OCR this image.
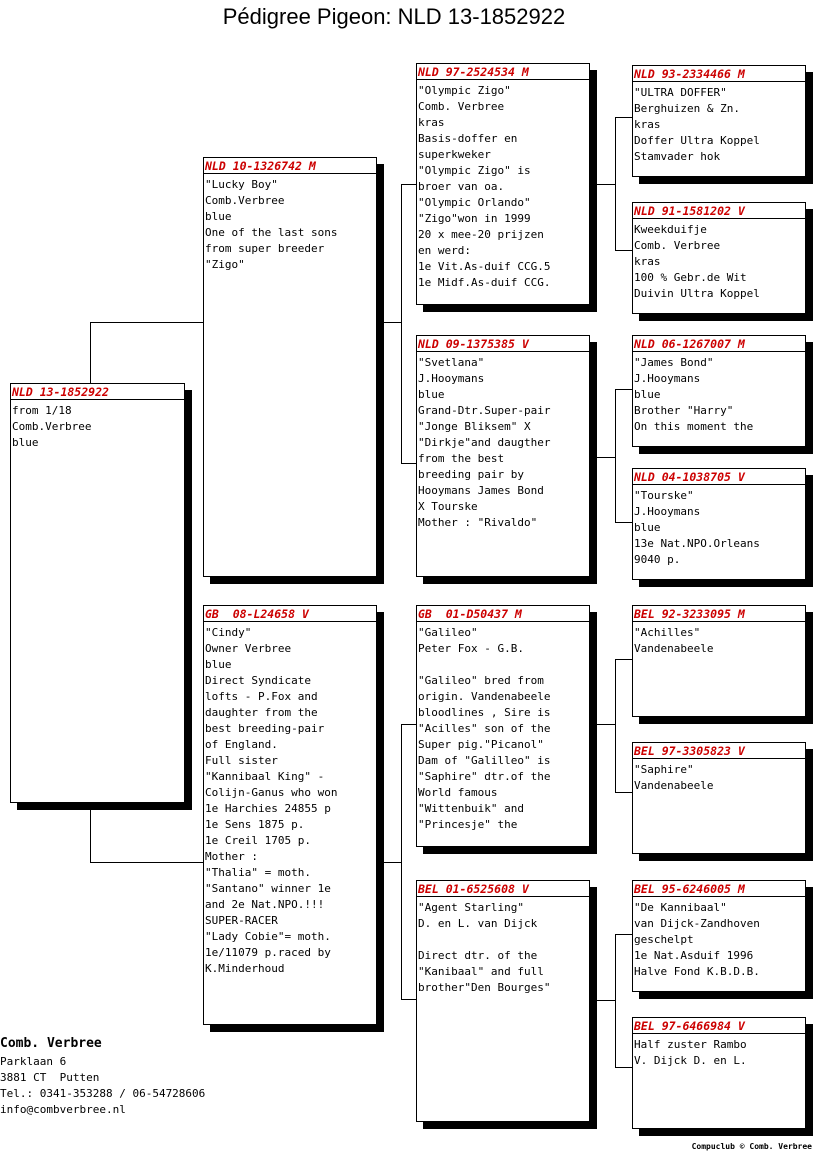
Pédigree Pigeon: NLD 13-1852922
NLD 13-1852922
from 1/18
Comb.Verbree
blue
NLD 10-1326742 M
"Lucky Boy"
Comb.Verbree
blue
One of the last sons
from super breeder
"Zigo"
GB  08-L24658 V
"Cindy"
Owner Verbree
blue
Direct Syndicate
lofts - P.Fox and
daughter from the
best breeding-pair
of England.
Full sister
"Kannibaal King" -
Colijn-Ganus who won
1e Harchies 24855 p
1e Sens 1875 p.
1e Creil 1705 p.
Mother :
"Thalia" = moth.
"Santano" winner 1e
and 2e Nat.NPO.!!!
SUPER-RACER
"Lady Cobie"= moth.
1e/11079 p.raced by
K.Minderhoud
NLD 97-2524534 M
"Olympic Zigo"
Comb. Verbree
kras
Basis-doffer en
superkweker
"Olympic Zigo" is
broer van oa.
"Olympic Orlando"
"Zigo"won in 1999
20 x mee-20 prijzen
en werd:
1e Vit.As-duif CCG.5
1e Midf.As-duif CCG.
NLD 09-1375385 V
"Svetlana"
J.Hooymans
blue
Grand-Dtr.Super-pair
"Jonge Bliksem" X
"Dirkje"and daugther
from the best
breeding pair by
Hooymans James Bond
X Tourske
Mother : "Rivaldo"
GB  01-D50437 M
"Galileo"
Peter Fox - G.B.
"Galileo" bred from
origin. Vandenabeele
bloodlines , Sire is
"Acilles" son of the
Super pig."Picanol"
Dam of "Galilleo" is
"Saphire" dtr.of the
World famous
"Wittenbuik" and
"Princesje" the
BEL 01-6525608 V
"Agent Starling"
D. en L. van Dijck
Direct dtr. of the
"Kanibaal" and full
brother"Den Bourges"
NLD 93-2334466 M
"ULTRA DOFFER"
Berghuizen & Zn.
kras
Doffer Ultra Koppel
Stamvader hok
NLD 91-1581202 V
Kweekduifje
Comb. Verbree
kras
100 % Gebr.de Wit
Duivin Ultra Koppel
NLD 06-1267007 M
"James Bond"
J.Hooymans
blue
Brother "Harry"
On this moment the
NLD 04-1038705 V
"Tourske"
J.Hooymans
blue
13e Nat.NPO.Orleans
9040 p.
BEL 92-3233095 M
"Achilles"
Vandenabeele
BEL 97-3305823 V
"Saphire"
Vandenabeele
BEL 95-6246005 M
"De Kannibaal"
van Dijck-Zandhoven
geschelpt
1e Nat.Asduif 1996
Halve Fond K.B.D.B.
BEL 97-6466984 V
Half zuster Rambo
V. Dijck D. en L.
Comb. Verbree
Parklaan 6
3881 CT  Putten
Tel.: 0341-353288 / 06-54728606
info@combverbree.nl
Compuclub © Comb. Verbree
